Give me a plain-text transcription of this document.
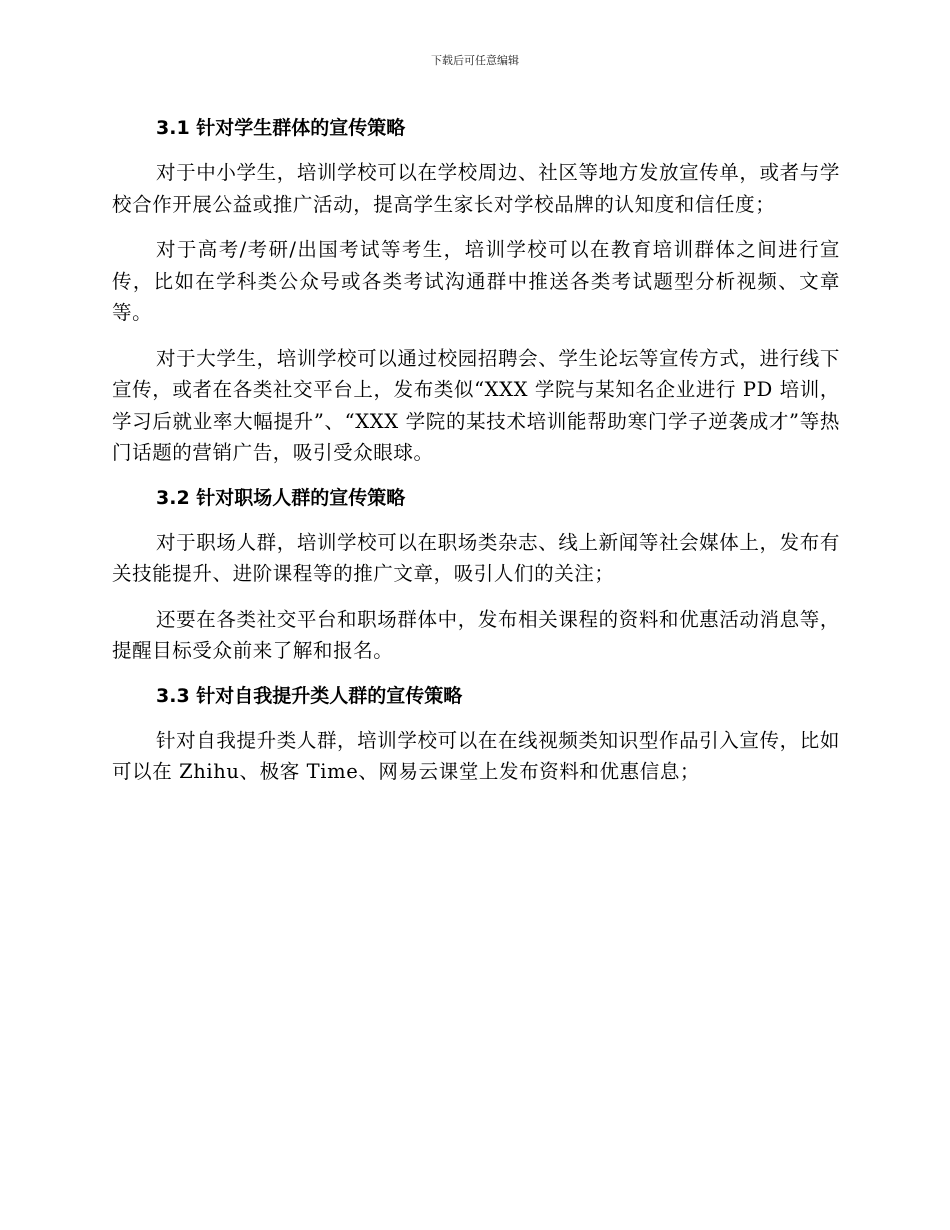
下载后可任意编辑
3.1 针对学生群体的宣传策略

对于中小学生，培训学校可以在学校周边、社区等地方发放宣传单，或者与学校合作开展公益或推广活动，提高学生家长对学校品牌的认知度和信任度；

对于高考/考研/出国考试等考生，培训学校可以在教育培训群体之间进行宣传，比如在学科类公众号或各类考试沟通群中推送各类考试题型分析视频、文章等。

对于大学生，培训学校可以通过校园招聘会、学生论坛等宣传方式，进行线下宣传，或者在各类社交平台上，发布类似“XXX 学院与某知名企业进行 PD 培训，学习后就业率大幅提升”、“XXX 学院的某技术培训能帮助寒门学子逆袭成才”等热门话题的营销广告，吸引受众眼球。

3.2 针对职场人群的宣传策略

对于职场人群，培训学校可以在职场类杂志、线上新闻等社会媒体上，发布有关技能提升、进阶课程等的推广文章，吸引人们的关注；

还要在各类社交平台和职场群体中，发布相关课程的资料和优惠活动消息等，提醒目标受众前来了解和报名。

3.3 针对自我提升类人群的宣传策略

针对自我提升类人群，培训学校可以在在线视频类知识型作品引入宣传，比如可以在 Zhihu、极客 Time、网易云课堂上发布资料和优惠信息；
